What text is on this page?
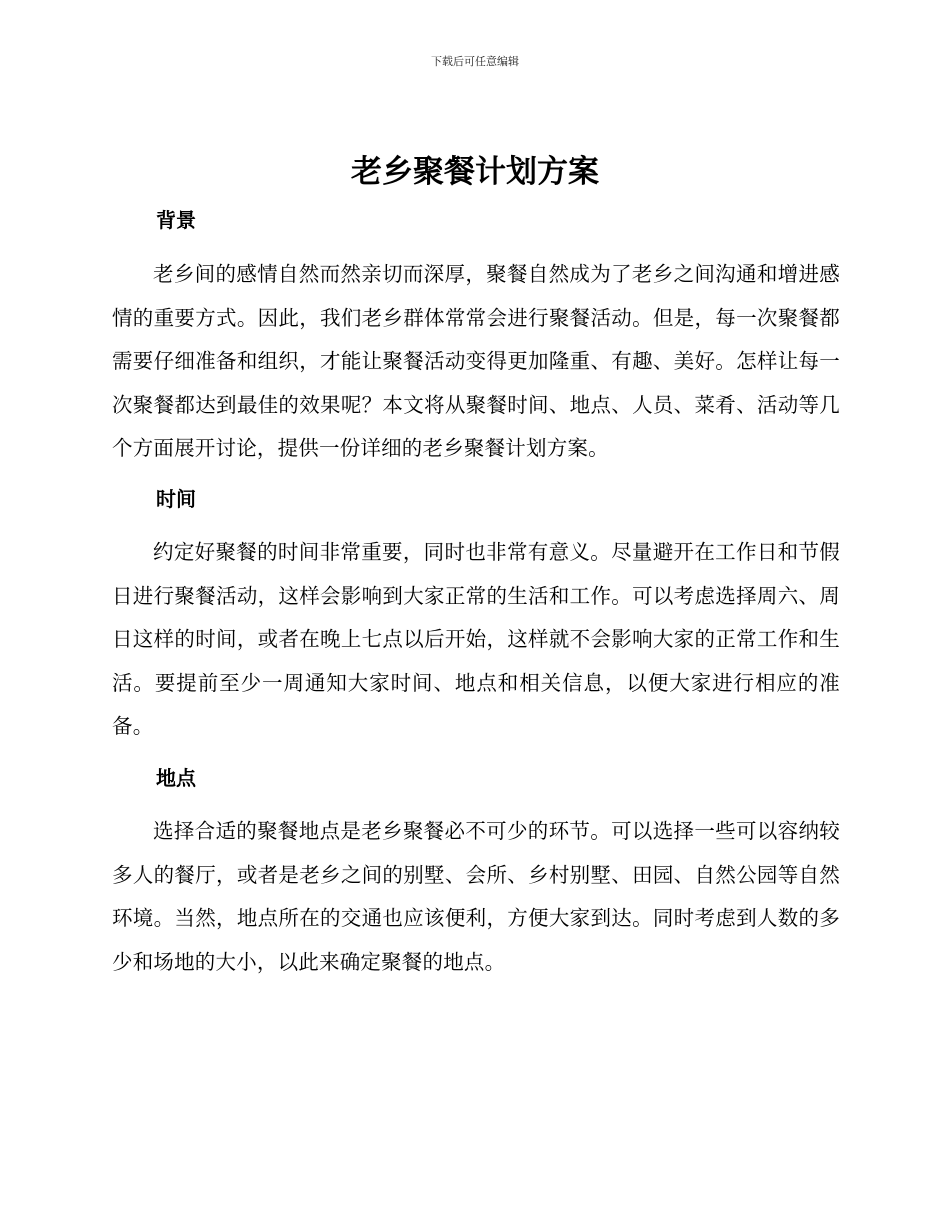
下载后可任意编辑
老乡聚餐计划方案
背景

老乡间的感情自然而然亲切而深厚，聚餐自然成为了老乡之间沟通和增进感情的重要方式。因此，我们老乡群体常常会进行聚餐活动。但是，每一次聚餐都需要仔细准备和组织，才能让聚餐活动变得更加隆重、有趣、美好。怎样让每一次聚餐都达到最佳的效果呢？本文将从聚餐时间、地点、人员、菜肴、活动等几个方面展开讨论，提供一份详细的老乡聚餐计划方案。

时间

约定好聚餐的时间非常重要，同时也非常有意义。尽量避开在工作日和节假日进行聚餐活动，这样会影响到大家正常的生活和工作。可以考虑选择周六、周日这样的时间，或者在晚上七点以后开始，这样就不会影响大家的正常工作和生活。要提前至少一周通知大家时间、地点和相关信息，以便大家进行相应的准备。

地点

选择合适的聚餐地点是老乡聚餐必不可少的环节。可以选择一些可以容纳较多人的餐厅，或者是老乡之间的别墅、会所、乡村别墅、田园、自然公园等自然环境。当然，地点所在的交通也应该便利，方便大家到达。同时考虑到人数的多少和场地的大小，以此来确定聚餐的地点。
